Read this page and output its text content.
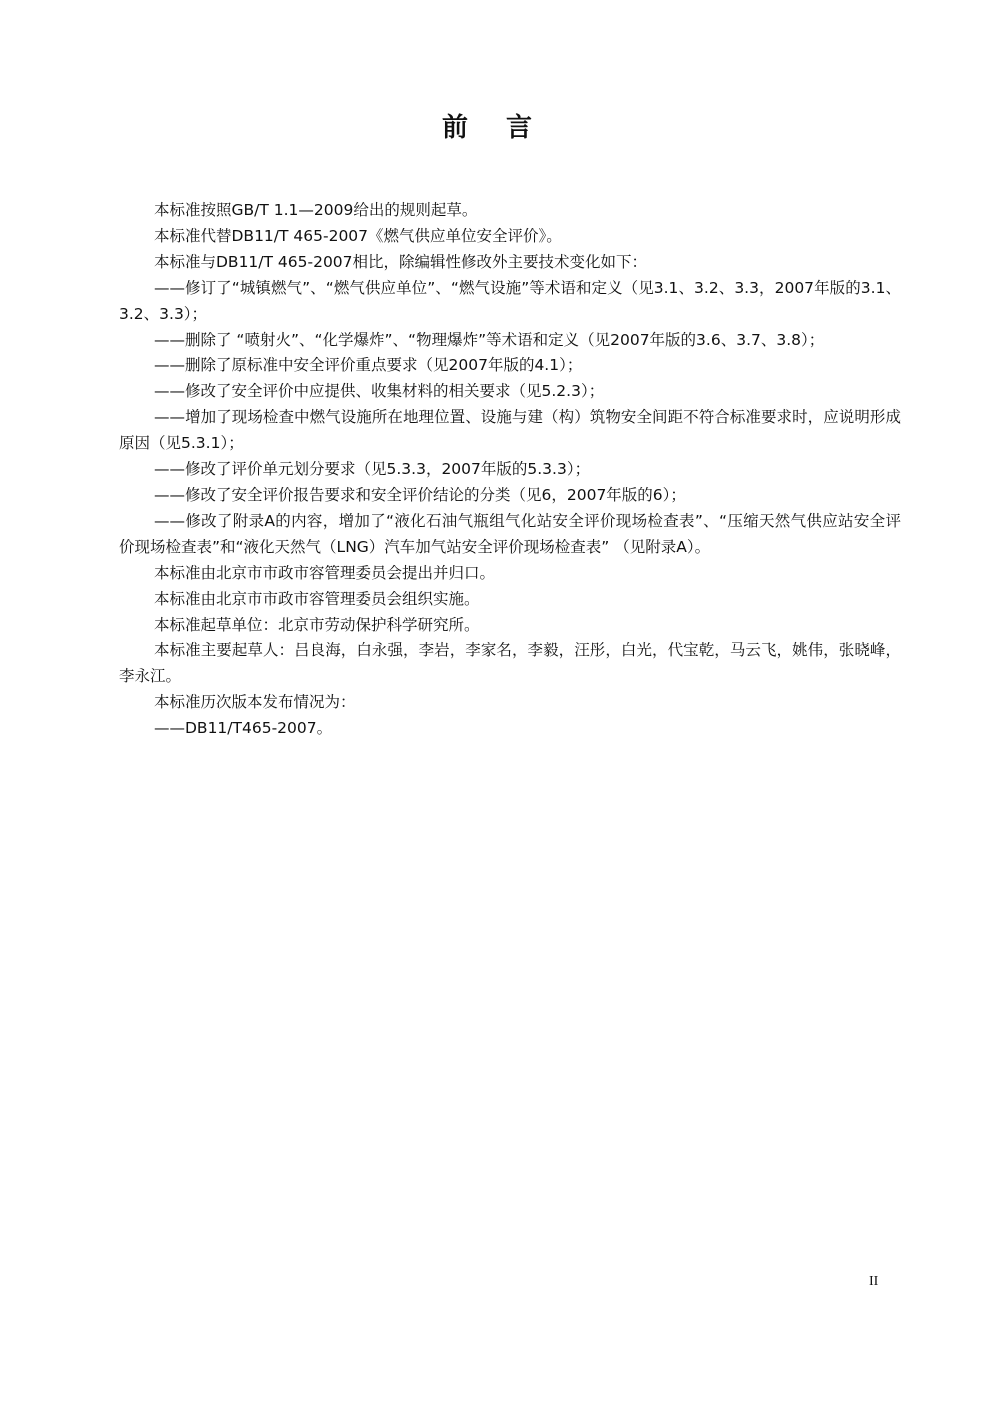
前言

本标准按照GB/T 1.1—2009给出的规则起草。

本标准代替DB11/T 465-2007《燃气供应单位安全评价》。

本标准与DB11/T 465-2007相比，除编辑性修改外主要技术变化如下：

——修订了“城镇燃气”、“燃气供应单位”、“燃气设施”等术语和定义（见3.1、3.2、3.3，2007年版的3.1、3.2、3.3）；

——删除了 “喷射火”、“化学爆炸”、“物理爆炸”等术语和定义（见2007年版的3.6、3.7、3.8）；

——删除了原标准中安全评价重点要求（见2007年版的4.1）；

——修改了安全评价中应提供、收集材料的相关要求（见5.2.3）；

——增加了现场检查中燃气设施所在地理位置、设施与建（构）筑物安全间距不符合标准要求时，应说明形成原因（见5.3.1）；

——修改了评价单元划分要求（见5.3.3，2007年版的5.3.3）；

——修改了安全评价报告要求和安全评价结论的分类（见6，2007年版的6）；

——修改了附录A的内容，增加了“液化石油气瓶组气化站安全评价现场检查表”、“压缩天然气供应站安全评价现场检查表”和“液化天然气（LNG）汽车加气站安全评价现场检查表” （见附录A）。

本标准由北京市市政市容管理委员会提出并归口。

本标准由北京市市政市容管理委员会组织实施。

本标准起草单位：北京市劳动保护科学研究所。

本标准主要起草人：吕良海，白永强，李岩，李家名，李毅，汪彤，白光，代宝乾，马云飞，姚伟，张晓峰，李永江。

本标准历次版本发布情况为：

——DB11/T465-2007。

II
